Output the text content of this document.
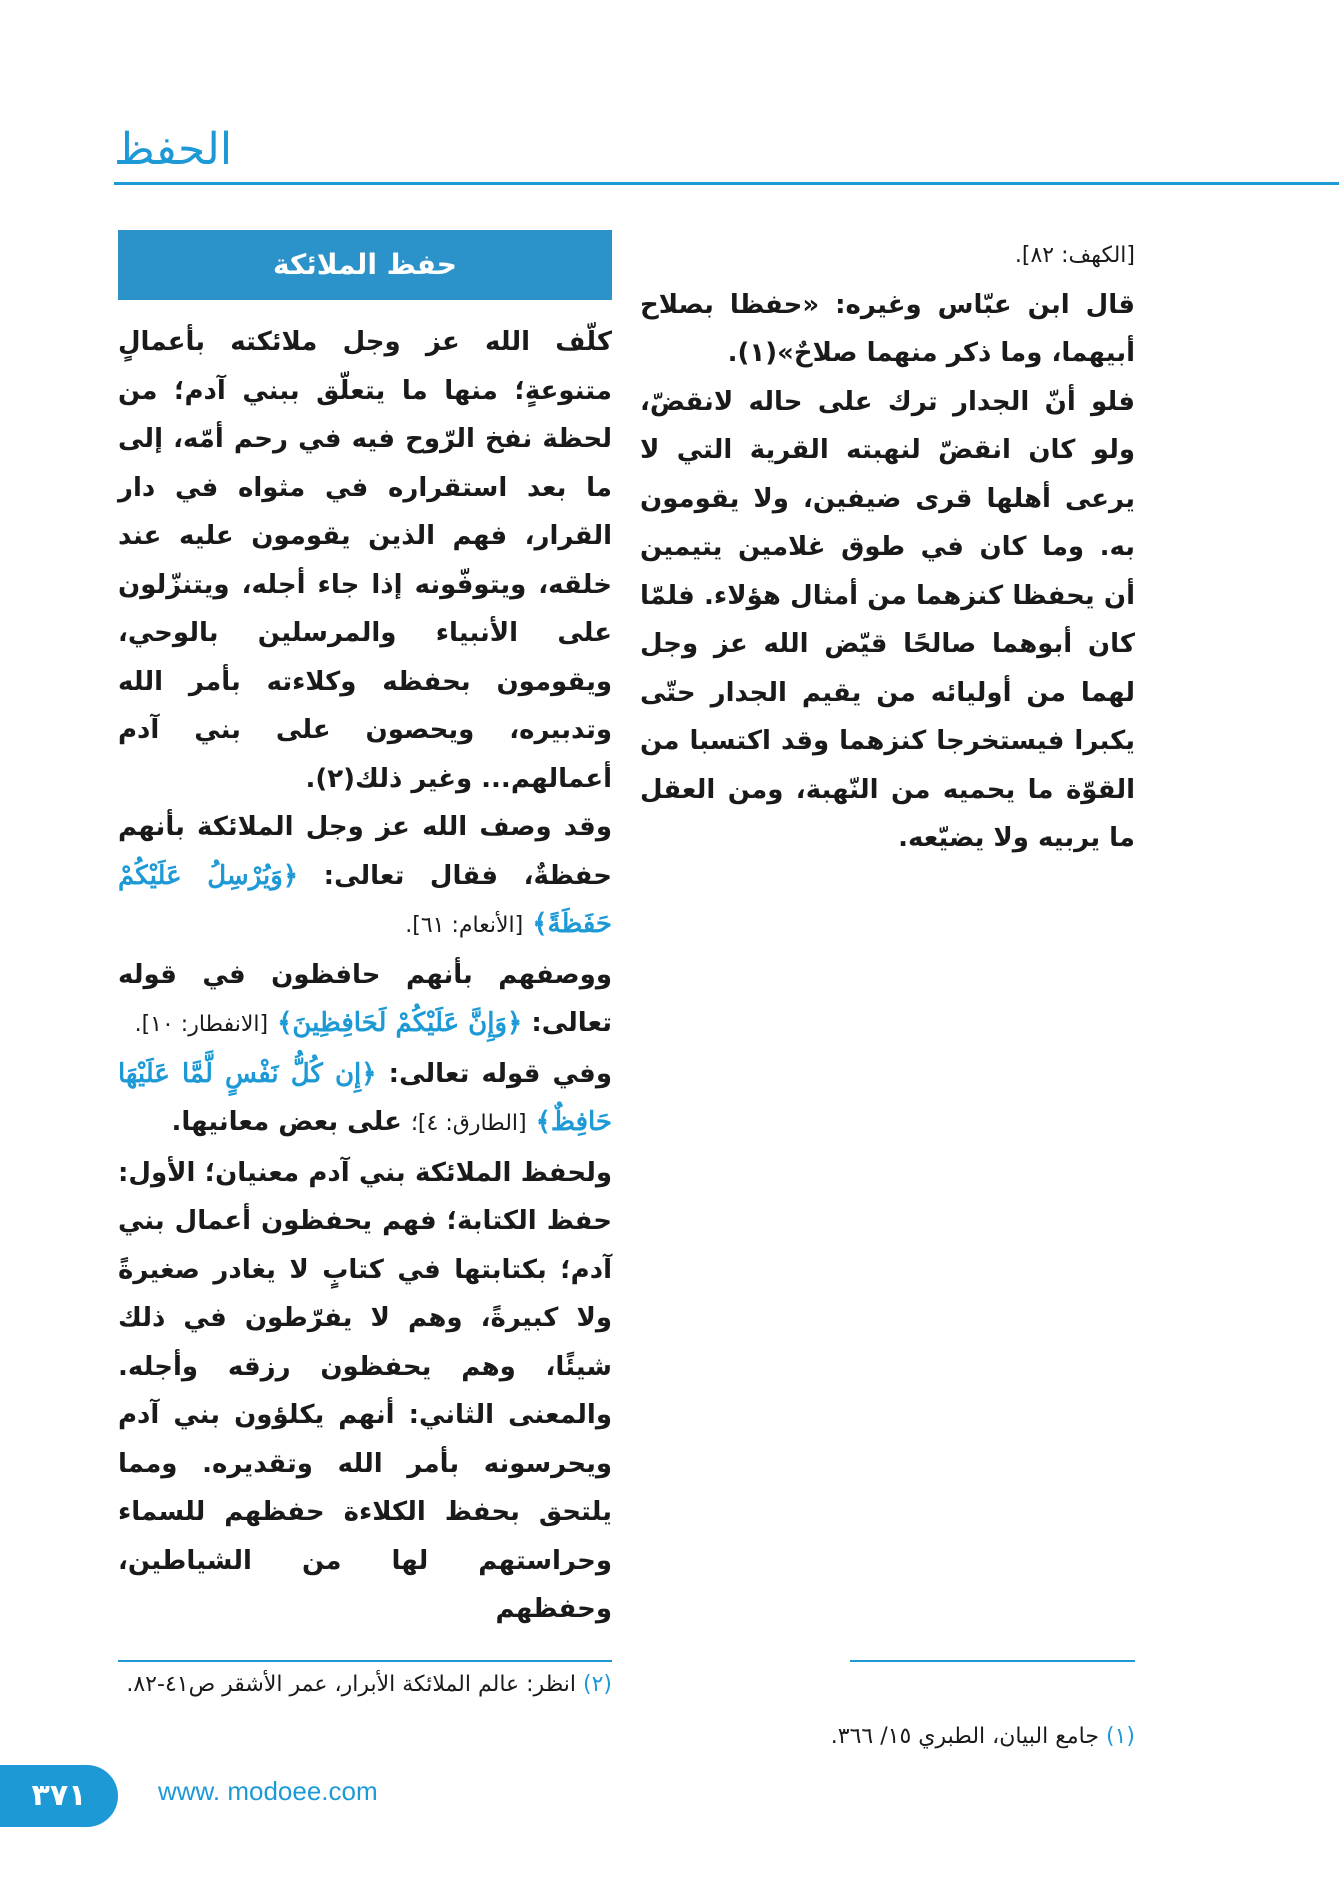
الحفظ

[الكهف: ٨٢].

قال ابن عبّاس وغيره: «حفظا بصلاح أبيهما، وما ذكر منهما صلاحٌ»(١).

فلو أنّ الجدار ترك على حاله لانقضّ، ولو كان انقضّ لنهبته القرية التي لا يرعى أهلها قرى ضيفين، ولا يقومون به. وما كان في طوق غلامين يتيمين أن يحفظا كنزهما من أمثال هؤلاء. فلمّا كان أبوهما صالحًا قيّض الله عز وجل لهما من أوليائه من يقيم الجدار حتّى يكبرا فيستخرجا كنزهما وقد اكتسبا من القوّة ما يحميه من النّهبة، ومن العقل ما يربيه ولا يضيّعه.

حفظ الملائكة

كلّف الله عز وجل ملائكته بأعمالٍ متنوعةٍ؛ منها ما يتعلّق ببني آدم؛ من لحظة نفخ الرّوح فيه في رحم أمّه، إلى ما بعد استقراره في مثواه في دار القرار، فهم الذين يقومون عليه عند خلقه، ويتوفّونه إذا جاء أجله، ويتنزّلون على الأنبياء والمرسلين بالوحي، ويقومون بحفظه وكلاءته بأمر الله وتدبيره، ويحصون على بني آدم أعمالهم... وغير ذلك(٢).

وقد وصف الله عز وجل الملائكة بأنهم حفظةٌ، فقال تعالى: ﴿وَيُرْسِلُ عَلَيْكُمْ حَفَظَةً﴾ [الأنعام: ٦١].

ووصفهم بأنهم حافظون في قوله تعالى: ﴿وَإِنَّ عَلَيْكُمْ لَحَافِظِينَ﴾ [الانفطار: ١٠].

وفي قوله تعالى: ﴿إِن كُلُّ نَفْسٍ لَّمَّا عَلَيْهَا حَافِظٌ﴾ [الطارق: ٤]؛ على بعض معانيها.

ولحفظ الملائكة بني آدم معنيان؛ الأول: حفظ الكتابة؛ فهم يحفظون أعمال بني آدم؛ بكتابتها في كتابٍ لا يغادر صغيرةً ولا كبيرةً، وهم لا يفرّطون في ذلك شيئًا، وهم يحفظون رزقه وأجله. والمعنى الثاني: أنهم يكلؤون بني آدم ويحرسونه بأمر الله وتقديره. ومما يلتحق بحفظ الكلاءة حفظهم للسماء وحراستهم لها من الشياطين، وحفظهم

(٢) انظر: عالم الملائكة الأبرار، عمر الأشقر ص٤١-٨٢.
(١) جامع البيان، الطبري ١٥/ ٣٦٦.
٣٧١	www. modoee.com
